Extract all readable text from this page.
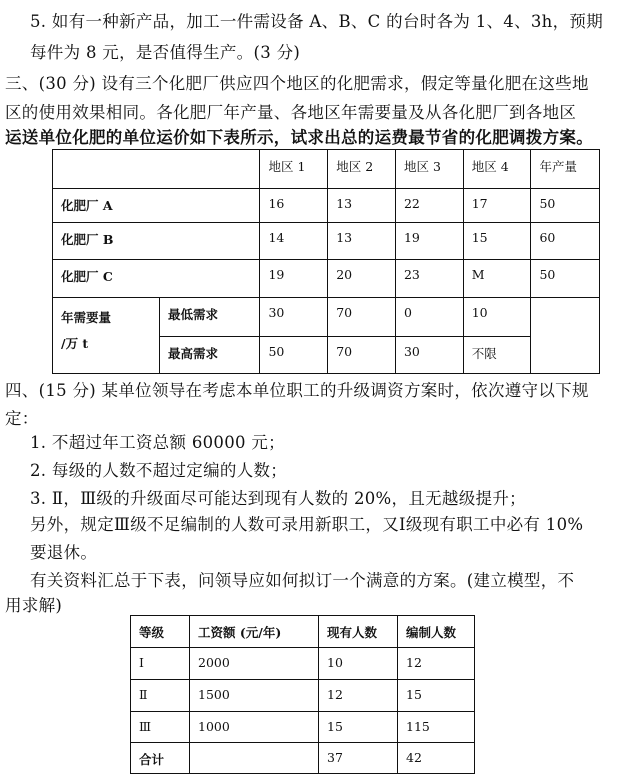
5. 如有一种新产品，加工一件需设备 A、B、C 的台时各为 1、4、3h，预期
每件为 8 元，是否值得生产。(3 分)
三、(30 分) 设有三个化肥厂供应四个地区的化肥需求，假定等量化肥在这些地
区的使用效果相同。各化肥厂年产量、各地区年需要量及从各化肥厂到各地区
运送单位化肥的单位运价如下表所示，试求出总的运费最节省的化肥调拨方案。
		地区 1	地区 2	地区 3	地区 4	年产量
化肥厂 A		16	13	22	17	50
化肥厂 B		14	13	19	15	60
化肥厂 C		19	20	23	M	50
年需要量
/万 t	最低需求	30	70	0	10	
	最高需求	50	70	30	不限	
四、(15 分) 某单位领导在考虑本单位职工的升级调资方案时，依次遵守以下规
定：
1. 不超过年工资总额 60000 元；
2. 每级的人数不超过定编的人数；
3. Ⅱ，Ⅲ级的升级面尽可能达到现有人数的 20%，且无越级提升；
另外，规定Ⅲ级不足编制的人数可录用新职工，又Ⅰ级现有职工中必有 10%
要退休。
有关资料汇总于下表，问领导应如何拟订一个满意的方案。(建立模型，不
用求解)
等级	工资额 (元/年)	现有人数	编制人数
Ⅰ	2000	10	12
Ⅱ	1500	12	15
Ⅲ	1000	15	115
合计		37	42
